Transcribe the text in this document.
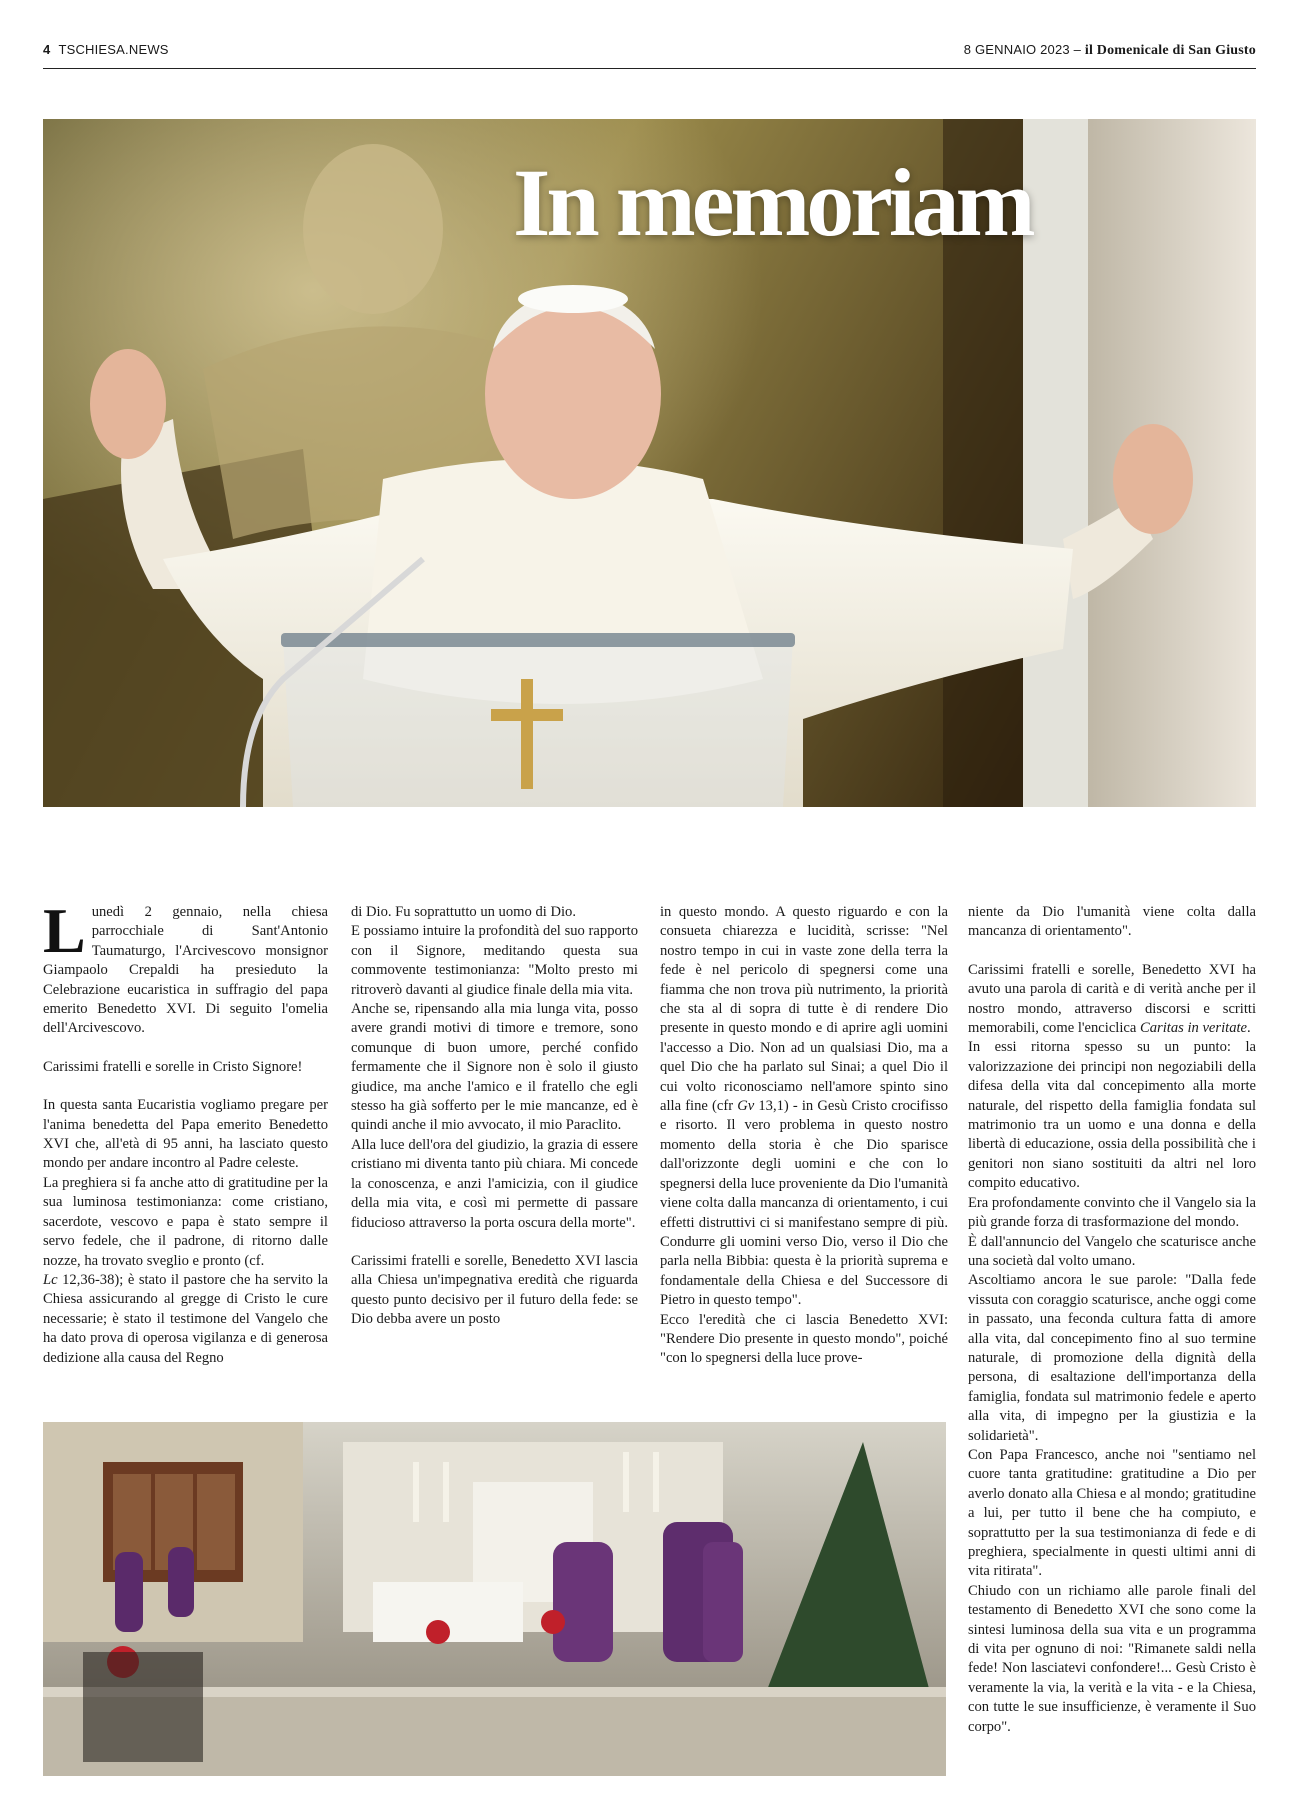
4 TSCHIESA.NEWS	8 GENNAIO 2023 – il Domenicale di San Giusto
In memoriam

Lunedì 2 gennaio, nella chiesa parrocchiale di Sant'Antonio Taumaturgo, l'Arcivescovo monsignor Giampaolo Crepaldi ha presieduto la Celebrazione eucaristica in suffragio del papa emerito Benedetto XVI. Di seguito l'omelia dell'Arcivescovo.

Carissimi fratelli e sorelle in Cristo Signore!

In questa santa Eucaristia vogliamo pregare per l'anima benedetta del Papa emerito Benedetto XVI che, all'età di 95 anni, ha lasciato questo mondo per andare incontro al Padre celeste.

La preghiera si fa anche atto di gratitudine per la sua luminosa testimonianza: come cristiano, sacerdote, vescovo e papa è stato sempre il servo fedele, che il padrone, di ritorno dalle nozze, ha trovato sveglio e pronto (cf.
Lc 12,36-38); è stato il pastore che ha servito la Chiesa assicurando al gregge di Cristo le cure necessarie; è stato il testimone del Vangelo che ha dato prova di operosa vigilanza e di generosa dedizione alla causa del Regno

di Dio. Fu soprattutto un uomo di Dio.

E possiamo intuire la profondità del suo rapporto con il Signore, meditando questa sua commovente testimonianza: "Molto presto mi ritroverò davanti al giudice finale della mia vita.

Anche se, ripensando alla mia lunga vita, posso avere grandi motivi di timore e tremore, sono comunque di buon umore, perché confido fermamente che il Signore non è solo il giusto giudice, ma anche l'amico e il fratello che egli stesso ha già sofferto per le mie mancanze, ed è quindi anche il mio avvocato, il mio Paraclito.

Alla luce dell'ora del giudizio, la grazia di essere cristiano mi diventa tanto più chiara. Mi concede la conoscenza, e anzi l'amicizia, con il giudice della mia vita, e così mi permette di passare fiducioso attraverso la porta oscura della morte".

Carissimi fratelli e sorelle, Benedetto XVI lascia alla Chiesa un'impegnativa eredità che riguarda questo punto decisivo per il futuro della fede: se Dio debba avere un posto

in questo mondo. A questo riguardo e con la consueta chiarezza e lucidità, scrisse: "Nel nostro tempo in cui in vaste zone della terra la fede è nel pericolo di spegnersi come una fiamma che non trova più nutrimento, la priorità che sta al di sopra di tutte è di rendere Dio presente in questo mondo e di aprire agli uomini l'accesso a Dio. Non ad un qualsiasi Dio, ma a quel Dio che ha parlato sul Sinai; a quel Dio il cui volto riconosciamo nell'amore spinto sino alla fine (cfr Gv 13,1) - in Gesù Cristo crocifisso e risorto. Il vero problema in questo nostro momento della storia è che Dio sparisce dall'orizzonte degli uomini e che con lo spegnersi della luce proveniente da Dio l'umanità viene colta dalla mancanza di orientamento, i cui effetti distruttivi ci si manifestano sempre di più. Condurre gli uomini verso Dio, verso il Dio che parla nella Bibbia: questa è la priorità suprema e fondamentale della Chiesa e del Successore di Pietro in questo tempo".

Ecco l'eredità che ci lascia Benedetto XVI: "Rendere Dio presente in questo mondo", poiché "con lo spegnersi della luce prove-

niente da Dio l'umanità viene colta dalla mancanza di orientamento".

Carissimi fratelli e sorelle, Benedetto XVI ha avuto una parola di carità e di verità anche per il nostro mondo, attraverso discorsi e scritti memorabili, come l'enciclica Caritas in veritate.

In essi ritorna spesso su un punto: la valorizzazione dei principi non negoziabili della difesa della vita dal concepimento alla morte naturale, del rispetto della famiglia fondata sul matrimonio tra un uomo e una donna e della libertà di educazione, ossia della possibilità che i genitori non siano sostituiti da altri nel loro compito educativo.

Era profondamente convinto che il Vangelo sia la più grande forza di trasformazione del mondo.

È dall'annuncio del Vangelo che scaturisce anche una società dal volto umano.

Ascoltiamo ancora le sue parole: "Dalla fede vissuta con coraggio scaturisce, anche oggi come in passato, una feconda cultura fatta di amore alla vita, dal concepimento fino al suo termine naturale, di promozione della dignità della persona, di esaltazione dell'importanza della famiglia, fondata sul matrimonio fedele e aperto alla vita, di impegno per la giustizia e la solidarietà".

Con Papa Francesco, anche noi "sentiamo nel cuore tanta gratitudine: gratitudine a Dio per averlo donato alla Chiesa e al mondo; gratitudine a lui, per tutto il bene che ha compiuto, e soprattutto per la sua testimonianza di fede e di preghiera, specialmente in questi ultimi anni di vita ritirata".

Chiudo con un richiamo alle parole finali del testamento di Benedetto XVI che sono come la sintesi luminosa della sua vita e un programma di vita per ognuno di noi: "Rimanete saldi nella fede! Non lasciatevi confondere!... Gesù Cristo è veramente la via, la verità e la vita - e la Chiesa, con tutte le sue insufficienze, è veramente il Suo corpo".
